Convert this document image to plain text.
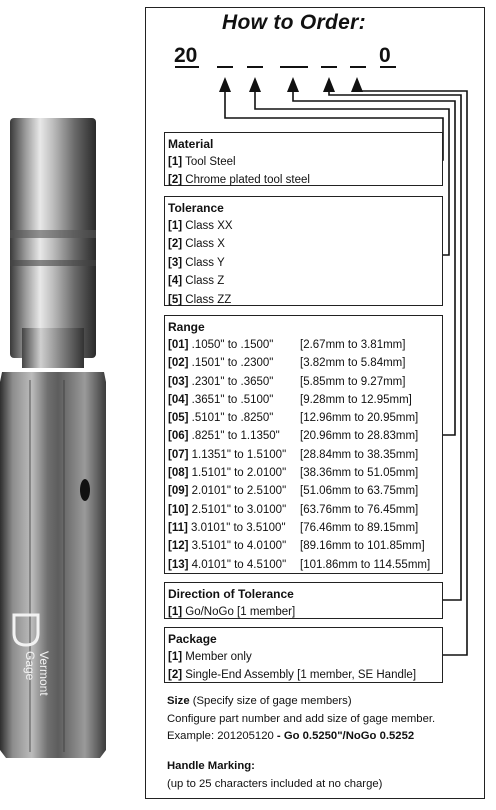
Vermont
Gage
How to Order:
20	0
Material
[1] Tool Steel
[2] Chrome plated tool steel
Tolerance
[1] Class XX
[2] Class X
[3] Class Y
[4] Class Z
[5] Class ZZ
Range
[01] .1050" to .1500" [2.67mm to 3.81mm]
[02] .1501" to .2300" [3.82mm to 5.84mm]
[03] .2301" to .3650" [5.85mm to 9.27mm]
[04] .3651" to .5100" [9.28mm to 12.95mm]
[05] .5101" to .8250" [12.96mm to 20.95mm]
[06] .8251" to 1.1350" [20.96mm to 28.83mm]
[07] 1.1351" to 1.5100" [28.84mm to 38.35mm]
[08] 1.5101" to 2.0100" [38.36mm to 51.05mm]
[09] 2.0101" to 2.5100" [51.06mm to 63.75mm]
[10] 2.5101" to 3.0100" [63.76mm to 76.45mm]
[11] 3.0101" to 3.5100" [76.46mm to 89.15mm]
[12] 3.5101" to 4.0100" [89.16mm to 101.85mm]
[13] 4.0101" to 4.5100" [101.86mm to 114.55mm]
Direction of Tolerance
[1] Go/NoGo [1 member]
Package
[1] Member only
[2] Single-End Assembly [1 member, SE Handle]
Size (Specify size of gage members)
Configure part number and add size of gage member.
Example: 201205120 - Go 0.5250"/NoGo 0.5252
Handle Marking:
(up to 25 characters included at no charge)
